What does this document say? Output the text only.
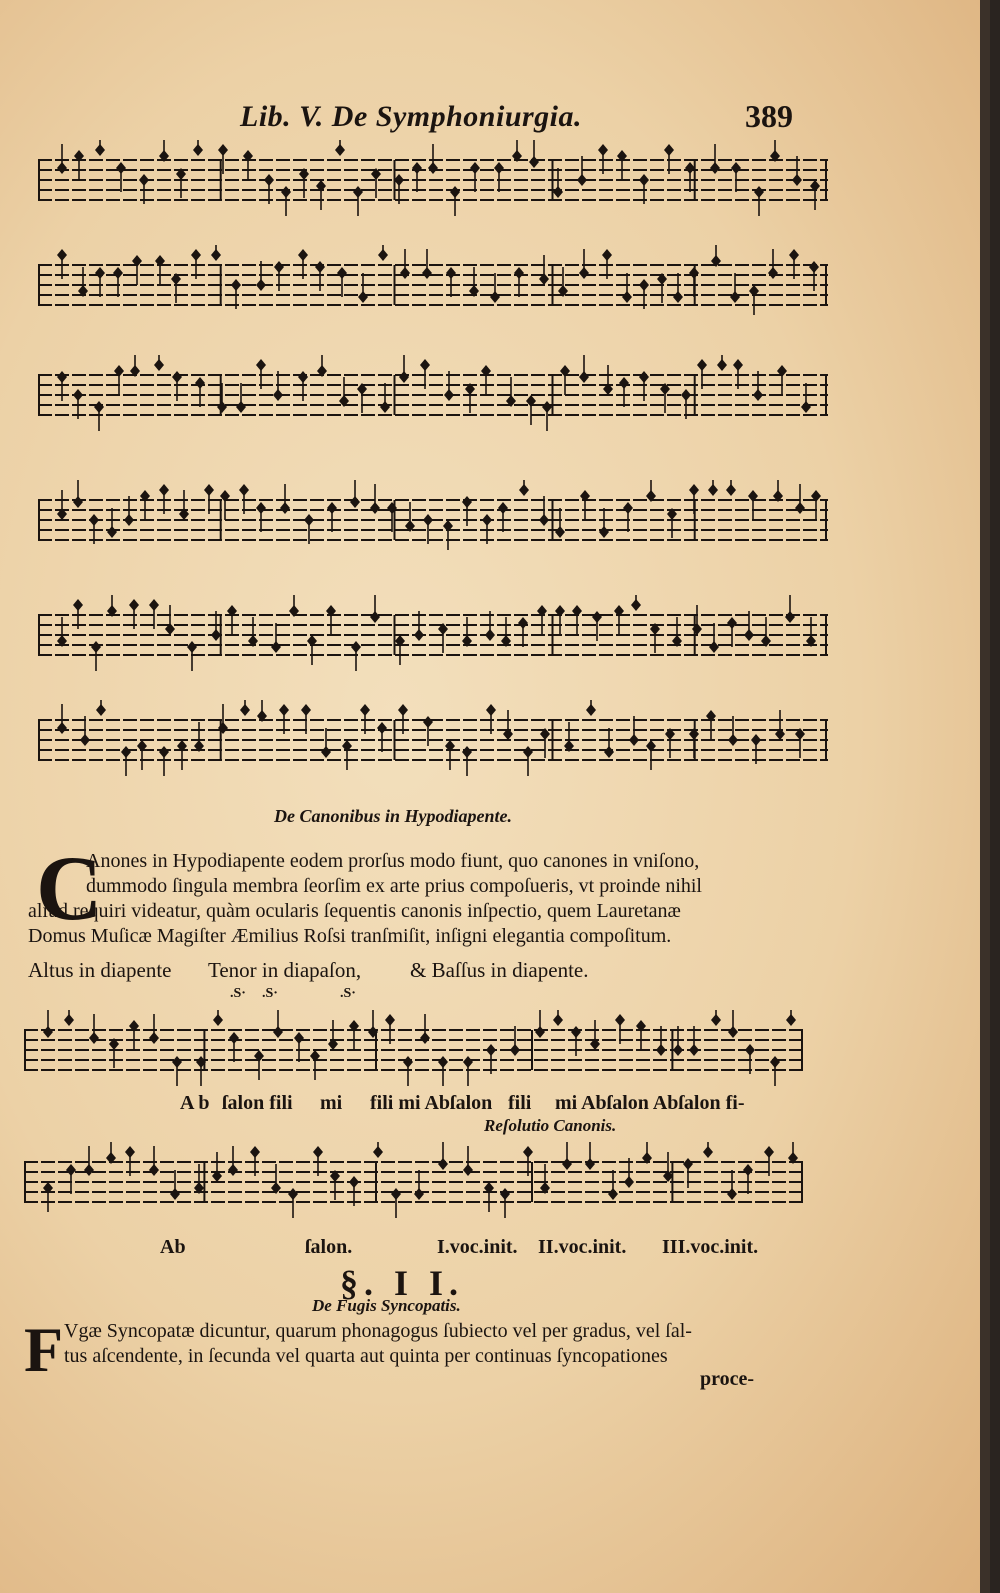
Lib. V. De Symphoniurgia.	389
De Canonibus in Hypodiapente.
C
Anones in Hypodiapente eodem prorſus modo fiunt, quo canones in vniſono,
dummodo ſingula membra ſeorſim ex arte prius compoſueris, vt proinde nihil
aliud requiri videatur, quàm ocularis ſequentis canonis inſpectio, quem Lauretanæ
Domus Muſicæ Magiſter Æmilius Roſsi tranſmiſit, inſigni elegantia compoſitum.
Altus in diapente Tenor in diapaſon, & Baſſus in diapente.
.S· .S·	.S·
A b ſalon fili mi fili mi Abſalon fili mi Abſalon Abſalon fi-
Reſolutio Canonis.
Ab	ſalon.	I.voc.init. II.voc.init. III.voc.init.
§. I I.
De Fugis Syncopatis.
F Vgæ Syncopatæ dicuntur, quarum phonagogus ſubiecto vel per gradus, vel ſal-
tus aſcendente, in ſecunda vel quarta aut quinta per continuas ſyncopationes
proce-
